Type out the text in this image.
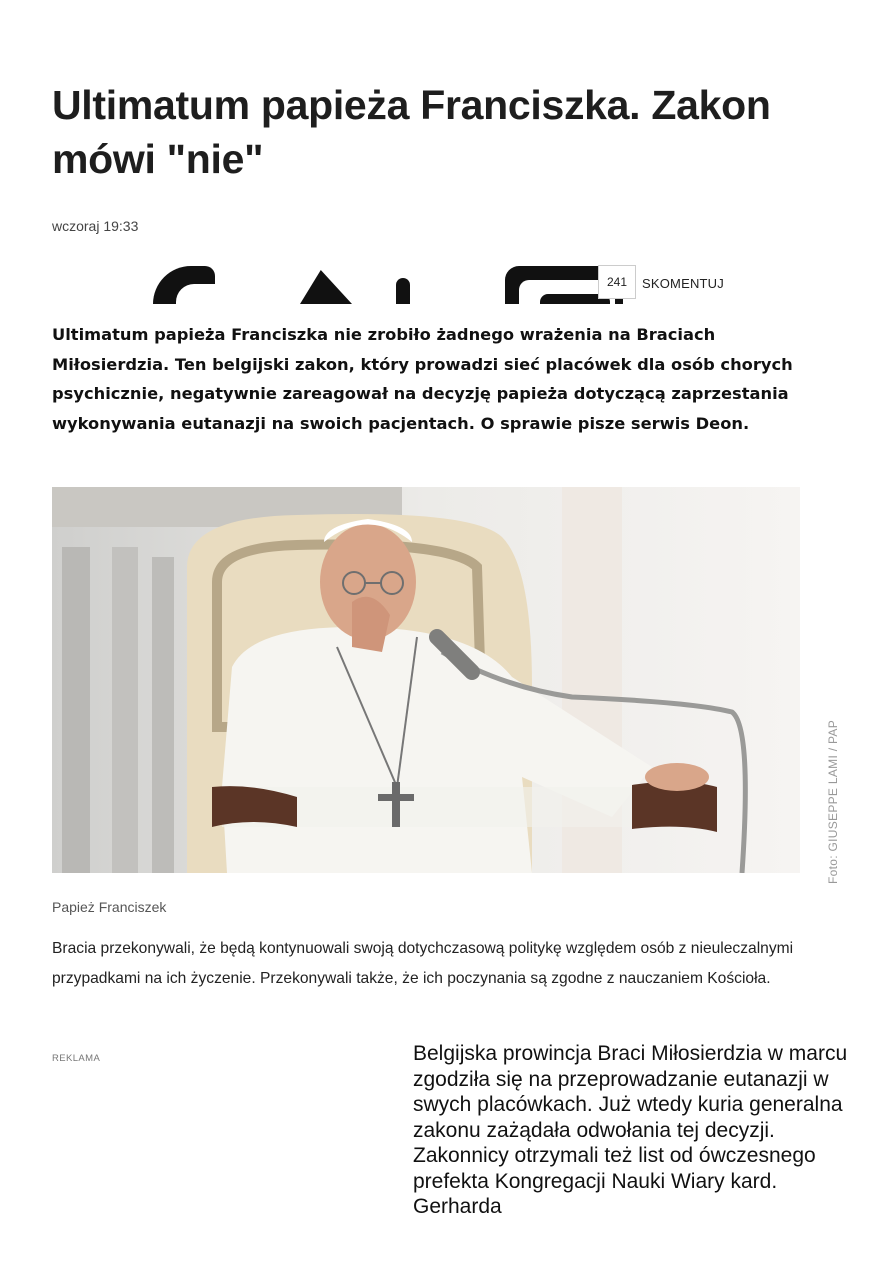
Ultimatum papieża Franciszka. Zakon mówi "nie"
wczoraj 19:33
241	SKOMENTUJ

Ultimatum papieża Franciszka nie zrobiło żadnego wrażenia na Braciach Miłosierdzia. Ten belgijski zakon, który prowadzi sieć placówek dla osób chorych psychicznie, negatywnie zareagował na decyzję papieża dotyczącą zaprzestania wykonywania eutanazji na swoich pacjentach. O sprawie pisze serwis Deon.

Foto: GIUSEPPE LAMI / PAP
Papież Franciszek

Bracia przekonywali, że będą kontynuowali swoją dotychczasową politykę względem osób z nieuleczalnymi przypadkami na ich życzenie. Przekonywali także, że ich poczynania są zgodne z nauczaniem Kościoła.

REKLAMA	Belgijska prowincja Braci Miłosierdzia w marcu zgodziła się na przeprowadzanie eutanazji w swych placówkach. Już wtedy kuria generalna zakonu zażądała odwołania tej decyzji. Zakonnicy otrzymali też list od ówczesnego prefekta Kongregacji Nauki Wiary kard. Gerharda
